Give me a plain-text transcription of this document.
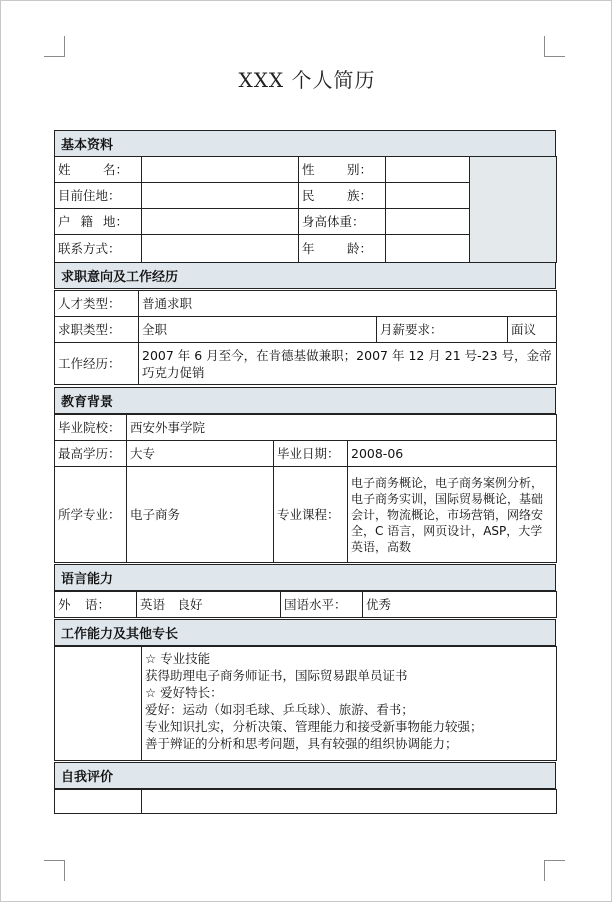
XXX 个人简历
基本资料
姓 名：		性 别：		

目前住地：		民 族：		

户 籍 地：		身高体重：		
联系方式：		年 龄：		

求职意向及工作经历
人才类型：	普通求职		
求职类型：	全职	月薪要求：	面议
工作经历：	2007 年 6 月至今，在肯德基做兼职；2007 年 12 月 21 号-23 号，金帝巧克力促销		
教育背景
毕业院校：	西安外事学院		
最高学历：	大专	毕业日期：	2008-06
所学专业：	电子商务	专业课程：	电子商务概论，电子商务案例分析，电子商务实训，国际贸易概论，基础会计，物流概论，市场营销，网络安全，C 语言，网页设计，ASP，大学英语，高数
语言能力
外 语：	英语　良好	国语水平：	优秀
工作能力及其他专长

☆ 专业技能
获得助理电子商务师证书，国际贸易跟单员证书
☆ 爱好特长：
爱好：运动（如羽毛球、乒乓球）、旅游、看书；
专业知识扎实，分析决策、管理能力和接受新事物能力较强；
善于辨证的分析和思考问题，具有较强的组织协调能力；
自我评价
